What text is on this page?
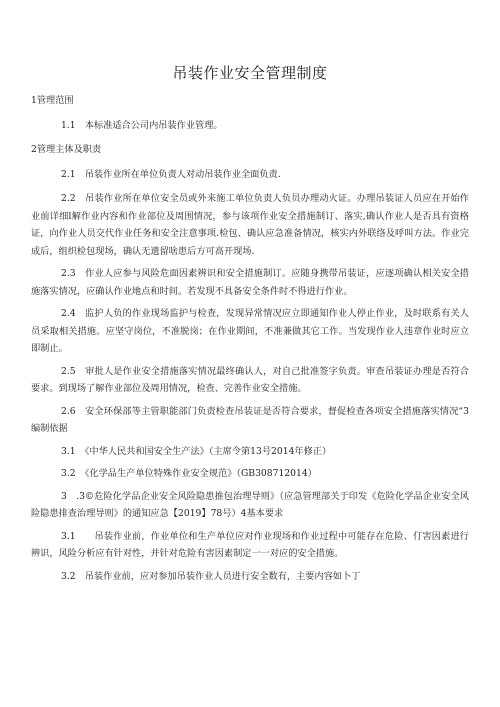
吊装作业安全管理制度

1管理范围

1.1　本标准适合公司内吊装作业管理。

2管理主体及职责

2.1　吊装作业所在单位负责人对动吊装作业全面负责.

2.2　吊装作业所在单位安全员或外来施工单位负责人负员办理动火证。办理吊装证人员应在开始作业前详细l解作业内容和作业部位及周围情况，参与该项作业安全措施制订、落实,确认作业人是否具有资格证，向作业人员交代作业任务和安全注意事项.检包、确认应急准备情况，核实内外联络及呼叫方法。作业完成后，组织检包现场，确认无遗留啥患后方可高开现场.

2.3　作业人应参与风险危面因素辨识和安全措施制订。应随身携带吊装证，应逐项确认相关安全措施落实情况，应确认作业地点和时间。若发现不具备安全条件时不得进行作业。

2.4　监护人负的作业现场监护与检查，发现异常情况应立即通知作业人停止作业，及时联系有关人员采取相关措施。应坚守岗位，不准脱岗；在作业期间，不准兼做其它工作。当发现作业人违章作业时应立即制止。

2.5　审批人是作业安全措施落实情况最终确认人，对自己批准签字负责。审查吊装证办理是否符合要求。到现场了解作业部位及周用情况，检查、完善作业安全措施。

2.6　安全环保部等主管职能部门负责检查吊装证是否符合要求，督促检查各项安全措施落实情况“3编制依据

3.1　《中华人民共和国安全生产法》（主席令第13号2014年修正）

3.2　《化学品生产单位特殊作业安全规范》（GB308712014）

3　.3©危险化学品企业安全风险隐患推包治理导则》（应急管理部关于印发《危险化学品企业安全风险隐患排查治理导则》的通知应急【2019】78号）4基本要求

3.1　　吊装作业前，作业单位和生产单位应对作业现场和作业过程中可能存在危险、仃害因素进行辨识，风险分析应有针对性，并针对危险有害因素制定一一对应的安全措施。

3.2　吊装作业前，应对参加吊装作业人员进行安全数有，主要内容如卜丁
